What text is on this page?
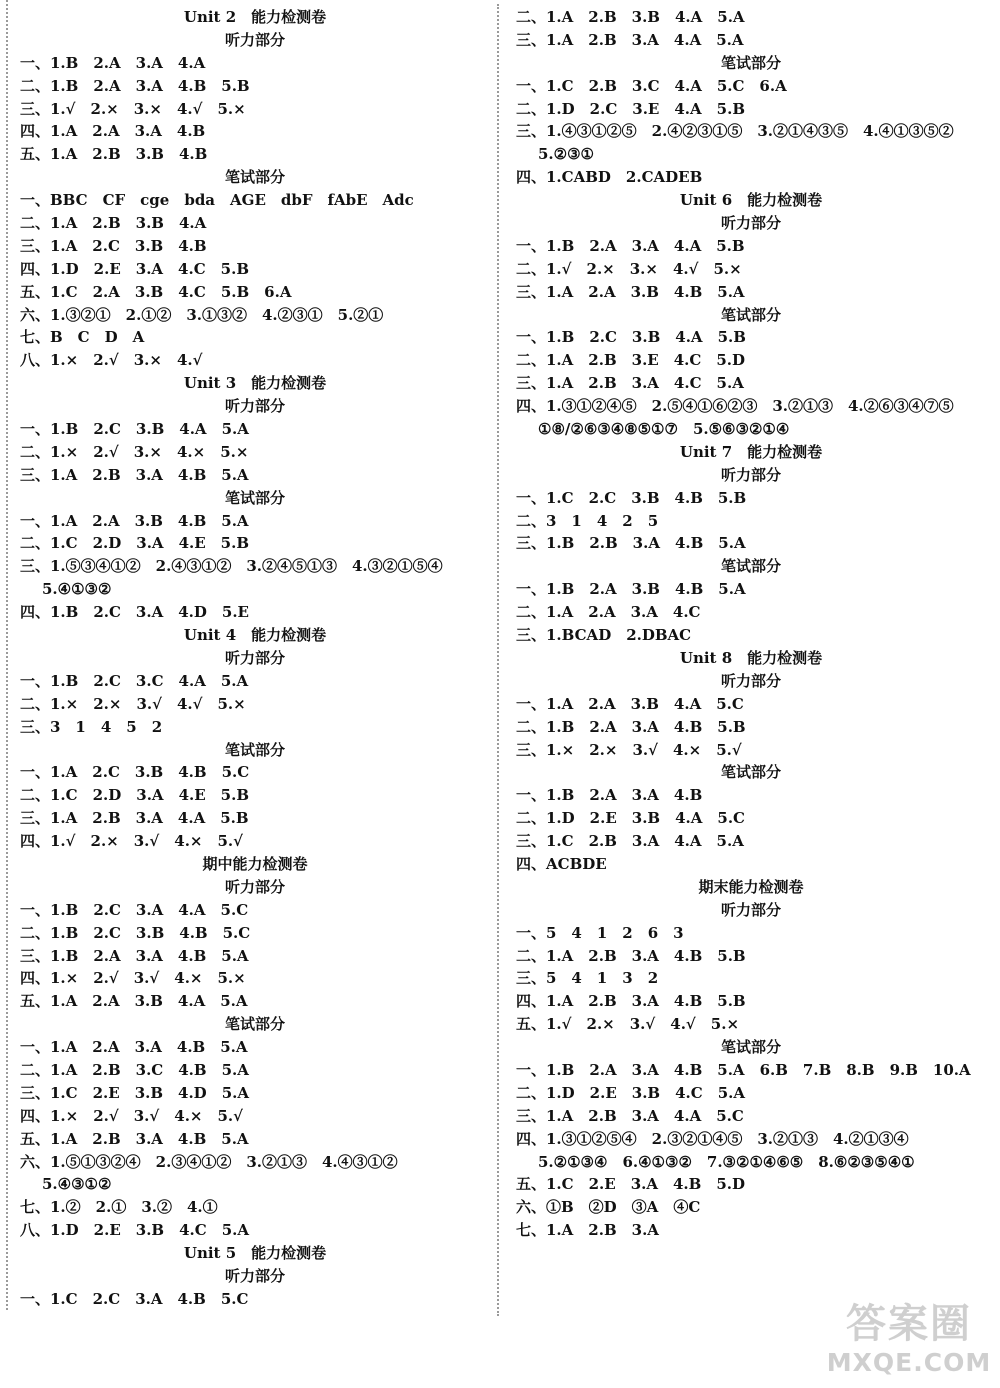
Unit 2　能力检测卷
听力部分
一、1.B　2.A　3.A　4.A
二、1.B　2.A　3.A　4.B　5.B
三、1.√　2.×　3.×　4.√　5.×
四、1.A　2.A　3.A　4.B
五、1.A　2.B　3.B　4.B
笔试部分
一、BBC　CF　cge　bda　AGE　dbF　fAbE　Adc
二、1.A　2.B　3.B　4.A
三、1.A　2.C　3.B　4.B
四、1.D　2.E　3.A　4.C　5.B
五、1.C　2.A　3.B　4.C　5.B　6.A
六、1.③②①　2.①②　3.①③②　4.②③①　5.②①
七、B　C　D　A
八、1.×　2.√　3.×　4.√
Unit 3　能力检测卷
听力部分
一、1.B　2.C　3.B　4.A　5.A
二、1.×　2.√　3.×　4.×　5.×
三、1.A　2.B　3.A　4.B　5.A
笔试部分
一、1.A　2.A　3.B　4.B　5.A
二、1.C　2.D　3.A　4.E　5.B
三、1.⑤③④①②　2.④③①②　3.②④⑤①③　4.③②①⑤④
5.④①③②
四、1.B　2.C　3.A　4.D　5.E
Unit 4　能力检测卷
听力部分
一、1.B　2.C　3.C　4.A　5.A
二、1.×　2.×　3.√　4.√　5.×
三、3　1　4　5　2
笔试部分
一、1.A　2.C　3.B　4.B　5.C
二、1.C　2.D　3.A　4.E　5.B
三、1.A　2.B　3.A　4.A　5.B
四、1.√　2.×　3.√　4.×　5.√
期中能力检测卷
听力部分
一、1.B　2.C　3.A　4.A　5.C
二、1.B　2.C　3.B　4.B　5.C
三、1.B　2.A　3.A　4.B　5.A
四、1.×　2.√　3.√　4.×　5.×
五、1.A　2.A　3.B　4.A　5.A
笔试部分
一、1.A　2.A　3.A　4.B　5.A
二、1.A　2.B　3.C　4.B　5.A
三、1.C　2.E　3.B　4.D　5.A
四、1.×　2.√　3.√　4.×　5.√
五、1.A　2.B　3.A　4.B　5.A
六、1.⑤①③②④　2.③④①②　3.②①③　4.④③①②
5.④③①②
七、1.②　2.①　3.②　4.①
八、1.D　2.E　3.B　4.C　5.A
Unit 5　能力检测卷
听力部分
一、1.C　2.C　3.A　4.B　5.C
二、1.A　2.B　3.B　4.A　5.A
三、1.A　2.B　3.A　4.A　5.A
笔试部分
一、1.C　2.B　3.C　4.A　5.C　6.A
二、1.D　2.C　3.E　4.A　5.B
三、1.④③①②⑤　2.④②③①⑤　3.②①④③⑤　4.④①③⑤②
5.②③①
四、1.CABD　2.CADEB
Unit 6　能力检测卷
听力部分
一、1.B　2.A　3.A　4.A　5.B
二、1.√　2.×　3.×　4.√　5.×
三、1.A　2.A　3.B　4.B　5.A
笔试部分
一、1.B　2.C　3.B　4.A　5.B
二、1.A　2.B　3.E　4.C　5.D
三、1.A　2.B　3.A　4.C　5.A
四、1.③①②④⑤　2.⑤④①⑥②③　3.②①③　4.②⑥③④⑦⑤
①⑧/②⑥③④⑧⑤①⑦　5.⑤⑥③②①④
Unit 7　能力检测卷
听力部分
一、1.C　2.C　3.B　4.B　5.B
二、3　1　4　2　5
三、1.B　2.B　3.A　4.B　5.A
笔试部分
一、1.B　2.A　3.B　4.B　5.A
二、1.A　2.A　3.A　4.C
三、1.BCAD　2.DBAC
Unit 8　能力检测卷
听力部分
一、1.A　2.A　3.B　4.A　5.C
二、1.B　2.A　3.A　4.B　5.B
三、1.×　2.×　3.√　4.×　5.√
笔试部分
一、1.B　2.A　3.A　4.B
二、1.D　2.E　3.B　4.A　5.C
三、1.C　2.B　3.A　4.A　5.A
四、ACBDE
期末能力检测卷
听力部分
一、5　4　1　2　6　3
二、1.A　2.B　3.A　4.B　5.B
三、5　4　1　3　2
四、1.A　2.B　3.A　4.B　5.B
五、1.√　2.×　3.√　4.√　5.×
笔试部分
一、1.B　2.A　3.A　4.B　5.A　6.B　7.B　8.B　9.B　10.A
二、1.D　2.E　3.B　4.C　5.A
三、1.A　2.B　3.A　4.A　5.C
四、1.③①②⑤④　2.③②①④⑤　3.②①③　4.②①③④
5.②①③④　6.④①③②　7.③②①④⑥⑤　8.⑥②③⑤④①
五、1.C　2.E　3.A　4.B　5.D
六、①B　②D　③A　④C
七、1.A　2.B　3.A
答案圈
MXQE.COM
